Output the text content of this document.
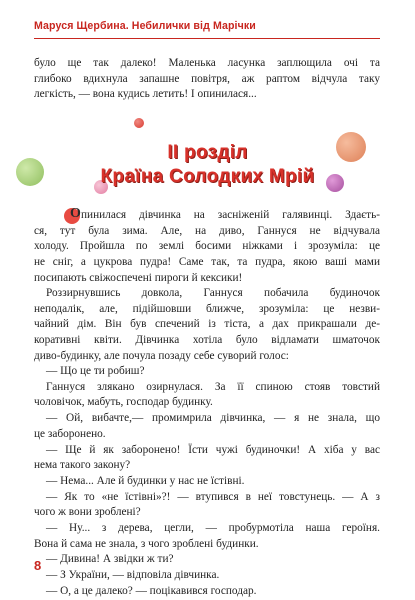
Маруся Щербина. Небилички від Марічки
було ще так далеко! Маленька ласунка заплющила очі та
глибоко вдихнула запашне повітря, аж раптом відчула таку
легкість, — вона кудись летить! І опинилася...
II розділ
Країна Солодких Мрій
О пинилася дівчинка на засніженій галявинці. Здаєть-
ся, тут була зима. Але, на диво, Ганнуся не відчувала
холоду. Пройшла по землі босими ніжками і зрозуміла: це
не сніг, а цукрова пудра! Саме так, та пудра, якою ваші мами
посипають свіжоспечені пироги й кексики!
Роззирнувшись довкола, Ганнуся побачила будиночок
неподалік, але, підійшовши ближче, зрозуміла: це незви-
чайний дім. Він був спечений із тіста, а дах прикрашали де-
коративні квіти. Дівчинка хотіла було відламати шматочок
диво-будинку, але почула позаду себе суворий голос:
— Що це ти робиш?
Ганнуся злякано озирнулася. За її спиною стояв товстий
чоловічок, мабуть, господар будинку.
— Ой, вибачте,— промимрила дівчинка, — я не знала, що
це заборонено.
— Ще й як заборонено! Їсти чужі будиночки! А хіба у вас
нема такого закону?
— Нема... Але й будинки у нас не їстівні.
— Як то «не їстівні»?! — втупився в неї товстунець. — А з
чого ж вони зроблені?
— Ну... з дерева, цегли, — пробурмотіла наша героїня.
Вона й сама не знала, з чого зроблені будинки.
— Дивина! А звідки ж ти?
— З України, — відповіла дівчинка.
— О, а це далеко? — поцікавився господар.
8
